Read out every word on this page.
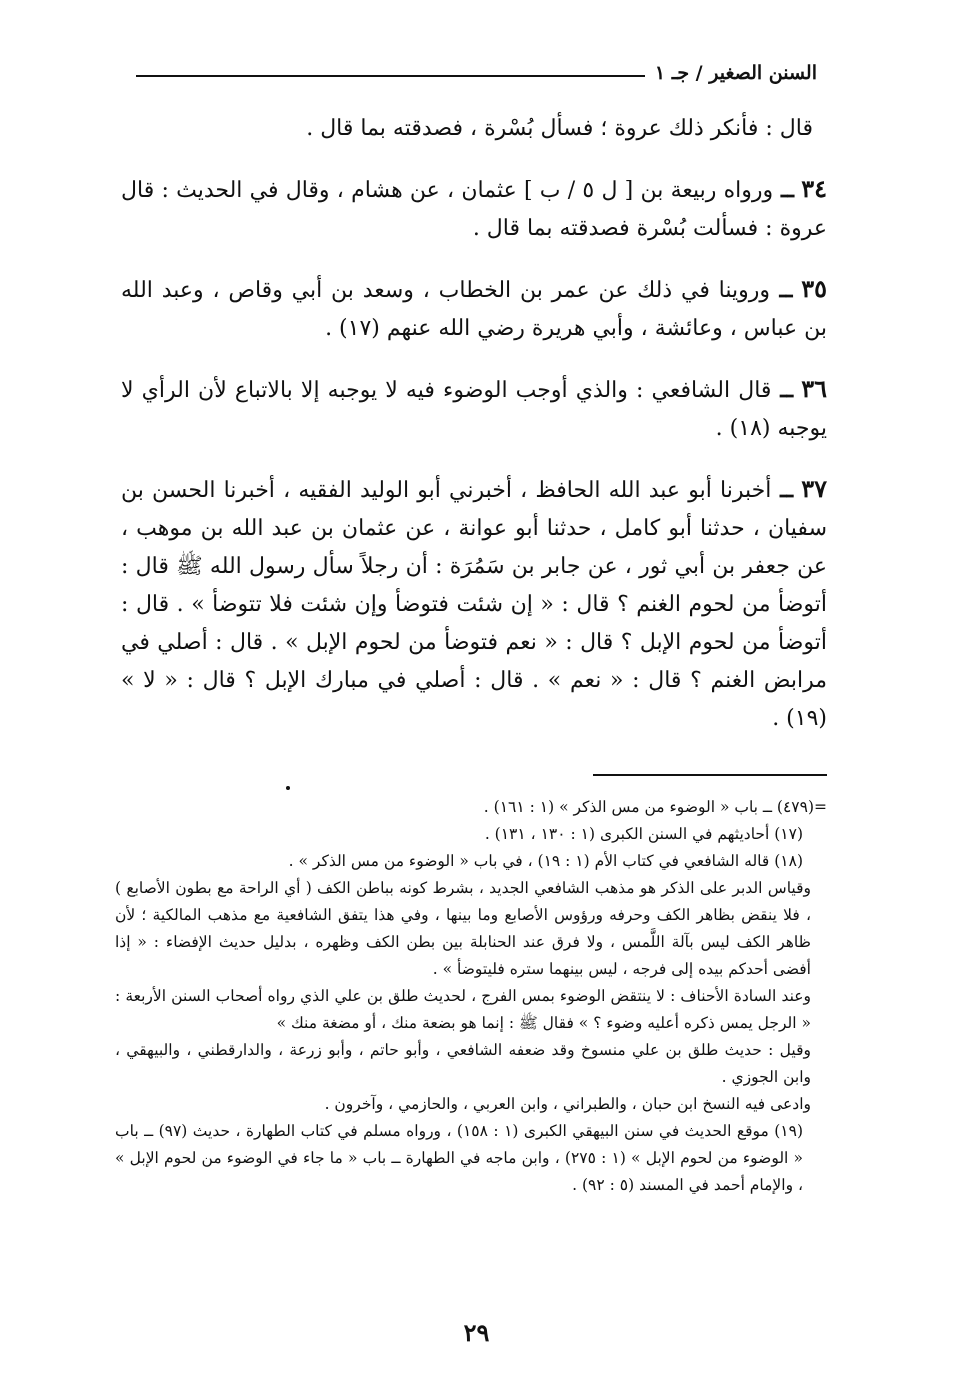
السنن الصغير / جـ ١

قال : فأنكر ذلك عروة ؛ فسأل بُسْرة ، فصدقته بما قال .

٣٤ ــ ورواه ربيعة بن [ ل ٥ / ب ] عثمان ، عن هشام ، وقال في الحديث : قال عروة : فسألت بُسْرة فصدقته بما قال .

٣٥ ــ وروينا في ذلك عن عمر بن الخطاب ، وسعد بن أبي وقاص ، وعبد الله بن عباس ، وعائشة ، وأبي هريرة رضي الله عنهم (١٧) .

٣٦ ــ قال الشافعي : والذي أوجب الوضوء فيه لا يوجبه إلا بالاتباع لأن الرأي لا يوجبه (١٨) .

٣٧ ــ أخبرنا أبو عبد الله الحافظ ، أخبرني أبو الوليد الفقيه ، أخبرنا الحسن بن سفيان ، حدثنا أبو كامل ، حدثنا أبو عوانة ، عن عثمان بن عبد الله بن موهب ، عن جعفر بن أبي ثور ، عن جابر بن سَمُرَة : أن رجلاً سأل رسول الله ﷺ قال : أتوضأ من لحوم الغنم ؟ قال : « إن شئت فتوضأ وإن شئت فلا تتوضأ » . قال : أتوضأ من لحوم الإبل ؟ قال : « نعم فتوضأ من لحوم الإبل » . قال : أصلي في مرابض الغنم ؟ قال : « نعم » . قال : أصلي في مبارك الإبل ؟ قال : « لا » (١٩) .

=(٤٧٩) ــ باب « الوضوء من مس الذكر » (١ : ١٦١) .

(١٧) أحاديثهم في السنن الكبرى (١ : ١٣٠ ، ١٣١) .

(١٨) قاله الشافعي في كتاب الأم (١ : ١٩) ، في باب « الوضوء من مس الذكر » .

وقياس الدبر على الذكر هو مذهب الشافعي الجديد ، بشرط كونه بباطن الكف ( أي الراحة مع بطون الأصابع ) ، فلا ينقض بظاهر الكف وحرفه ورؤوس الأصابع وما بينها ، وفي هذا يتفق الشافعية مع مذهب المالكية ؛ لأن ظاهر الكف ليس بآلة اللَّمس ، ولا فرق عند الحنابلة بين بطن الكف وظهره ، بدليل حديث الإفضاء : « إذا أفضى أحدكم بيده إلى فرجه ، ليس بينهما ستره فليتوضأ » .

وعند السادة الأحناف : لا ينتقض الوضوء بمس الفرج ، لحديث طلق بن علي الذي رواه أصحاب السنن الأربعة : « الرجل يمس ذكره أعليه وضوء ؟ » فقال ﷺ : إنما هو بضعة منك ، أو مضغة منك »

وقيل : حديث طلق بن علي منسوخ وقد ضعفه الشافعي ، وأبو حاتم ، وأبو زرعة ، والدارقطني ، والبيهقي ، وابن الجوزي .

وادعى فيه النسخ ابن حبان ، والطبراني ، وابن العربي ، والحازمي ، وآخرون .

(١٩) موقع الحديث في سنن البيهقي الكبرى (١ : ١٥٨) ، ورواه مسلم في كتاب الطهارة ، حديث (٩٧) ــ باب « الوضوء من لحوم الإبل » (١ : ٢٧٥) ، وابن ماجه في الطهارة ــ باب « ما جاء في الوضوء من لحوم الإبل » ، والإمام أحمد في المسند (٥ : ٩٢) .

٢٩
